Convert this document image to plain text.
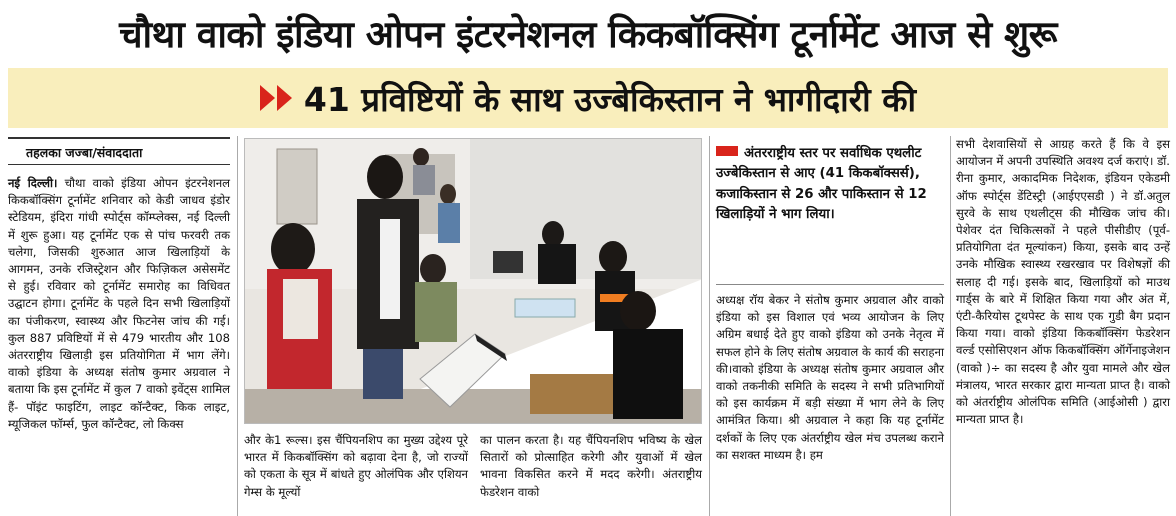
चौथा वाको इंडिया ओपन इंटरनेशनल किकबॉक्सिंग टूर्नामेंट आज से शुरू
41 प्रविष्टियों के साथ उज्बेकिस्तान ने भागीदारी की
तहलका जज्बा/संवाददाता

नई दिल्ली। चौथा वाको इंडिया ओपन इंटरनेशनल किकबॉक्सिंग टूर्नामेंट शनिवार को केडी जाधव इंडोर स्टेडियम, इंदिरा गांधी स्पोर्ट्स कॉम्प्लेक्स, नई दिल्ली में शुरू हुआ। यह टूर्नामेंट एक से पांच फरवरी तक चलेगा, जिसकी शुरुआत आज खिलाड़ियों के आगमन, उनके रजिस्ट्रेशन और फिज़िकल असेसमेंट से हुई। रविवार को टूर्नामेंट समारोह का विधिवत उद्घाटन होगा। टूर्नामेंट के पहले दिन सभी खिलाड़ियों का पंजीकरण, स्वास्थ्य और फिटनेस जांच की गई। कुल 887 प्रविष्टियों में से 479 भारतीय और 108 अंतरराष्ट्रीय खिलाड़ी इस प्रतियोगिता में भाग लेंगे। वाको इंडिया के अध्यक्ष संतोष कुमार अग्रवाल ने बताया कि इस टूर्नामेंट में कुल 7 वाको इवेंट्स शामिल हैं- पॉइंट फाइटिंग, लाइट कॉन्टैक्ट, किक लाइट, म्यूजिकल फॉर्म्स, फुल कॉन्टैक्ट, लो किक्स

और के1 रूल्स। इस चैंपियनशिप का मुख्य उद्देश्य पूरे भारत में किकबॉक्सिंग को बढ़ावा देना है, जो राज्यों को एकता के सूत्र में बांधते हुए ओलंपिक और एशियन गेम्स के मूल्यों
का पालन करता है। यह चैंपियनशिप भविष्य के खेल सितारों को प्रोत्साहित करेगी और युवाओं में खेल भावना विकसित करने में मदद करेगी। अंतराष्ट्रीय फेडरेशन वाको
अंतरराष्ट्रीय स्तर पर सर्वाधिक एथलीट उज्बेकिस्तान से आए (41 किकबॉक्सर्स), कजाकिस्तान से 26 और पाकिस्तान से 12 खिलाड़ियों ने भाग लिया।
अध्यक्ष रॉय बेकर ने संतोष कुमार अग्रवाल और वाको इंडिया को इस विशाल एवं भव्य आयोजन के लिए अग्रिम बधाई देते हुए वाको इंडिया को उनके नेतृत्व में सफल होने के लिए संतोष अग्रवाल के कार्य की सराहना की।वाको इंडिया के अध्यक्ष संतोष कुमार अग्रवाल और वाको तकनीकी समिति के सदस्य ने सभी प्रतिभागियों को इस कार्यक्रम में बड़ी संख्या में भाग लेने के लिए आमंत्रित किया। श्री अग्रवाल ने कहा कि यह टूर्नामेंट दर्शकों के लिए एक अंतर्राष्ट्रीय खेल मंच उपलब्ध कराने का सशक्त माध्यम है। हम
सभी देशवासियों से आग्रह करते हैं कि वे इस आयोजन में अपनी उपस्थिति अवश्य दर्ज कराएं। डॉ. रीना कुमार, अकादमिक निदेशक, इंडियन एकेडमी ऑफ स्पोर्ट्स डेंटिस्ट्री (आईएएसडी ) ने डॉ.अतुल सुरवे के साथ एथलीट्स की मौखिक जांच की। पेशेवर दंत चिकित्सकों ने पहले पीसीडीए (पूर्व-प्रतियोगिता दंत मूल्यांकन) किया, इसके बाद उन्हें उनके मौखिक स्वास्थ्य रखरखाव पर विशेषज्ञों की सलाह दी गई। इसके बाद, खिलाड़ियों को माउथ गार्ड्स के बारे में शिक्षित किया गया और अंत में, एंटी-कैरियोस टूथपेस्ट के साथ एक गुडी बैग प्रदान किया गया। वाको इंडिया किकबॉक्सिंग फेडरेशन वर्ल्ड एसोसिएशन ऑफ किकबॉक्सिंग ऑर्गेनाइजेशन (वाको )÷ का सदस्य है और युवा मामले और खेल मंत्रालय, भारत सरकार द्वारा मान्यता प्राप्त है। वाको को अंतर्राष्ट्रीय ओलंपिक समिति (आईओसी ) द्वारा मान्यता प्राप्त है।
